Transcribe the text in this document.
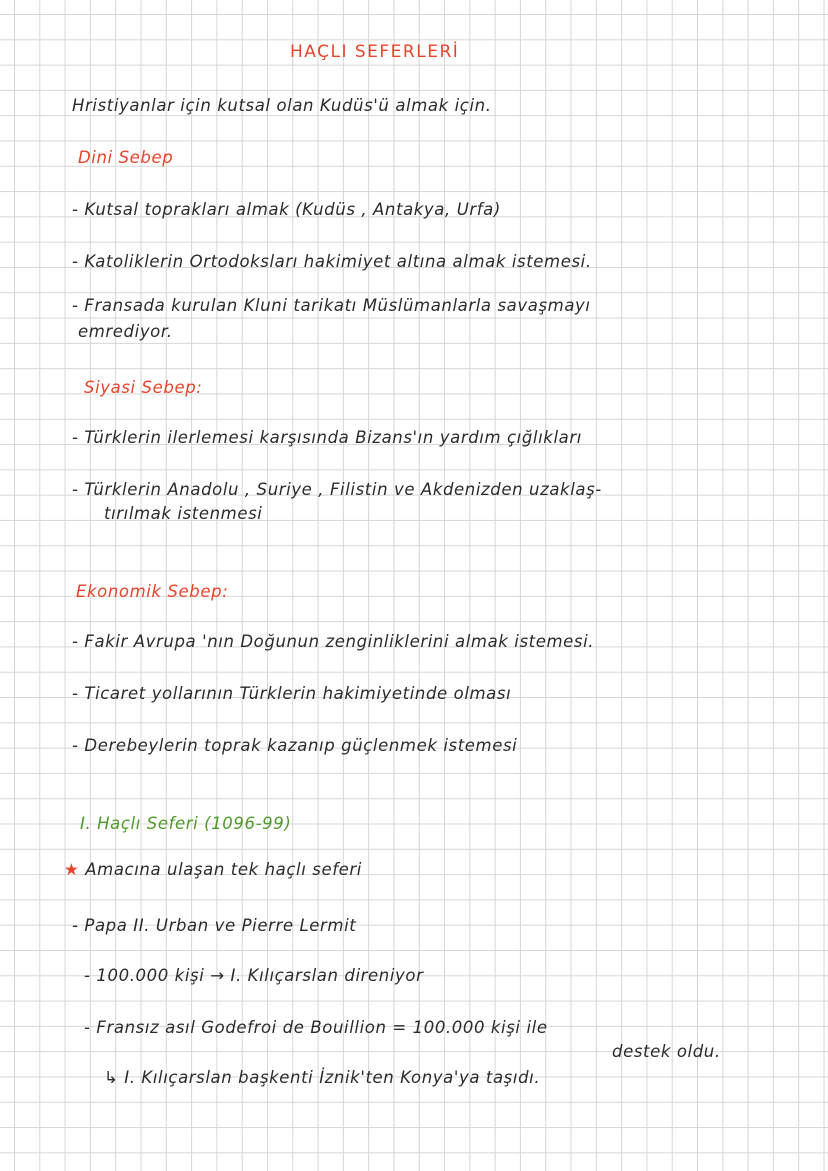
HAÇLI SEFERLERİ
Hristiyanlar için kutsal olan Kudüs'ü almak için.
Dini Sebep
- Kutsal toprakları almak (Kudüs , Antakya, Urfa)
- Katoliklerin Ortodoksları hakimiyet altına almak istemesi.
- Fransada kurulan Kluni tarikatı Müslümanlarla savaşmayı
emrediyor.
Siyasi Sebep:
- Türklerin ilerlemesi karşısında Bizans'ın yardım çığlıkları
- Türklerin Anadolu , Suriye , Filistin ve Akdenizden uzaklaş-
tırılmak istenmesi
Ekonomik Sebep:
- Fakir Avrupa 'nın Doğunun zenginliklerini almak istemesi.
- Ticaret yollarının Türklerin hakimiyetinde olması
- Derebeylerin toprak kazanıp güçlenmek istemesi
I. Haçlı Seferi (1096-99)
★ Amacına ulaşan tek haçlı seferi
- Papa II. Urban ve Pierre Lermit
- 100.000 kişi → I. Kılıçarslan direniyor
- Fransız asıl Godefroi de Bouillion = 100.000 kişi ile
destek oldu.
↳ I. Kılıçarslan başkenti İznik'ten Konya'ya taşıdı.
